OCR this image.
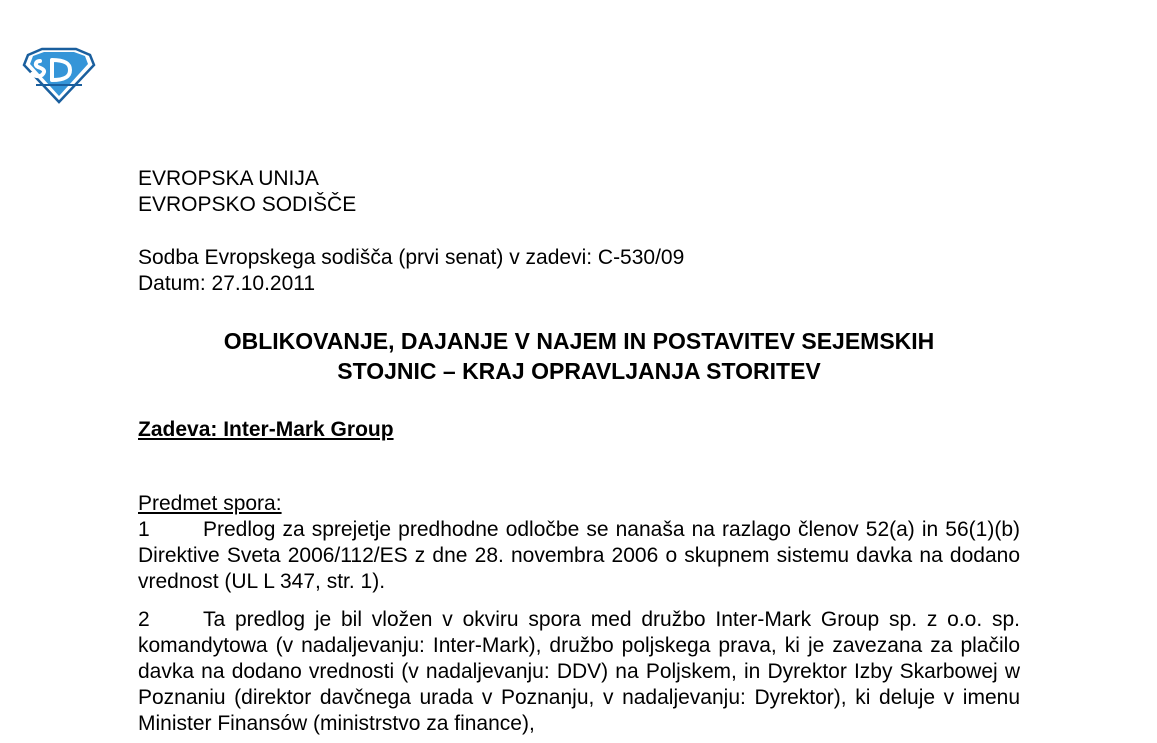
EVROPSKA UNIJA
EVROPSKO SODIŠČE
Sodba Evropskega sodišča (prvi senat) v zadevi: C-530/09
Datum: 27.10.2011
OBLIKOVANJE, DAJANJE V NAJEM IN POSTAVITEV SEJEMSKIH
STOJNIC – KRAJ OPRAVLJANJA STORITEV
Zadeva: Inter-Mark Group
Predmet spora:

1	Predlog za sprejetje predhodne odločbe se nanaša na razlago členov 52(a) in 56(1)(b) Direktive Sveta 2006/112/ES z dne 28. novembra 2006 o skupnem sistemu davka na dodano vrednost (UL L 347, str. 1).

2	Ta predlog je bil vložen v okviru spora med družbo Inter-Mark Group sp. z o.o. sp. komandytowa (v nadaljevanju: Inter-Mark), družbo poljskega prava, ki je zavezana za plačilo davka na dodano vrednosti (v nadaljevanju: DDV) na Poljskem, in Dyrektor Izby Skarbowej w Poznaniu (direktor davčnega urada v Poznanju, v nadaljevanju: Dyrektor), ki deluje v imenu Minister Finansów (ministrstvo za finance),
